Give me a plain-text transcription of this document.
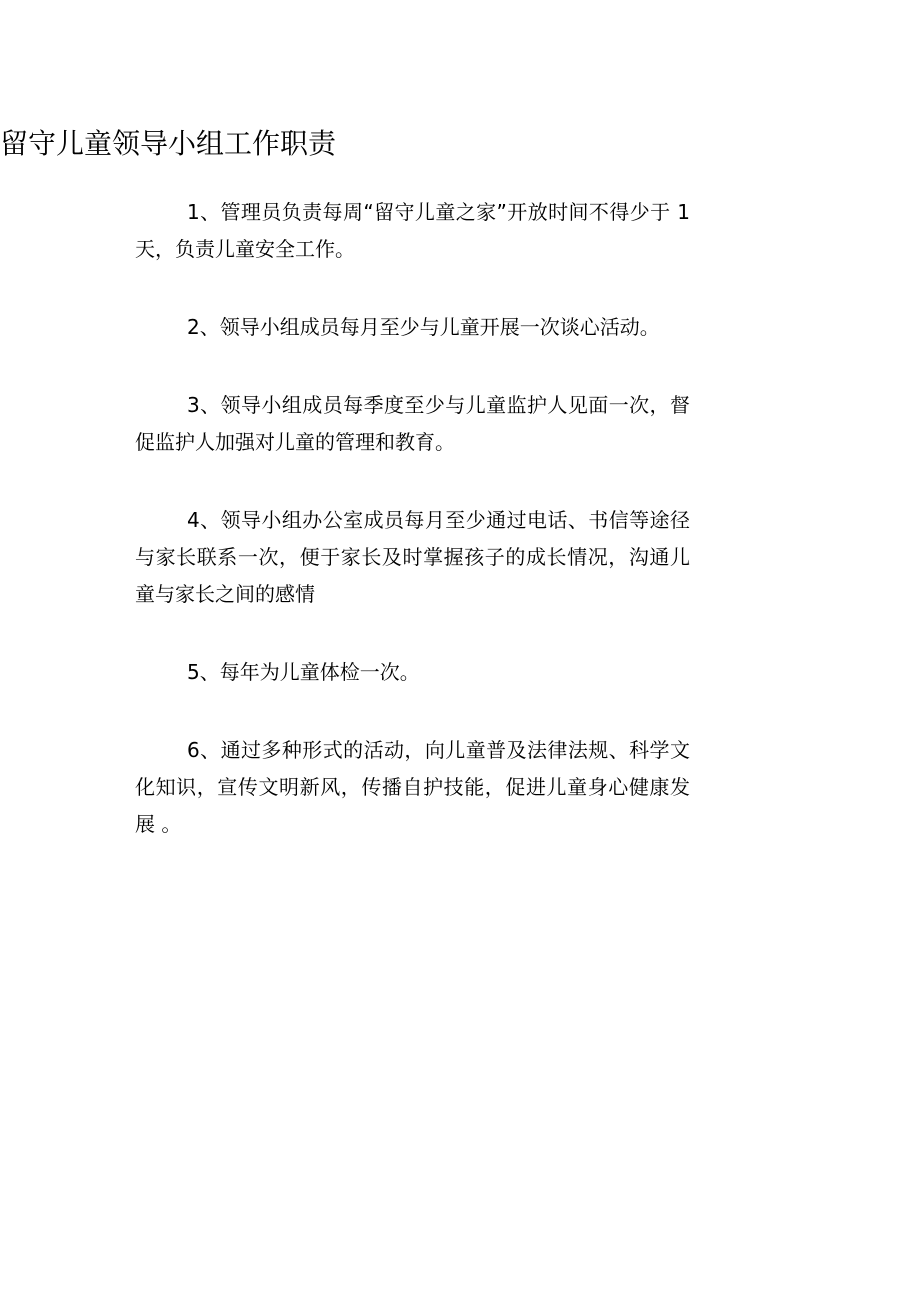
留守儿童领导小组工作职责

1、管理员负责每周“留守儿童之家”开放时间不得少于 1 天，负责儿童安全工作。

2、领导小组成员每月至少与儿童开展一次谈心活动。

3、领导小组成员每季度至少与儿童监护人见面一次，督促监护人加强对儿童的管理和教育。

4、领导小组办公室成员每月至少通过电话、书信等途径与家长联系一次，便于家长及时掌握孩子的成长情况，沟通儿童与家长之间的感情

5、每年为儿童体检一次。

6、通过多种形式的活动，向儿童普及法律法规、科学文化知识，宣传文明新风，传播自护技能，促进儿童身心健康发展 。
